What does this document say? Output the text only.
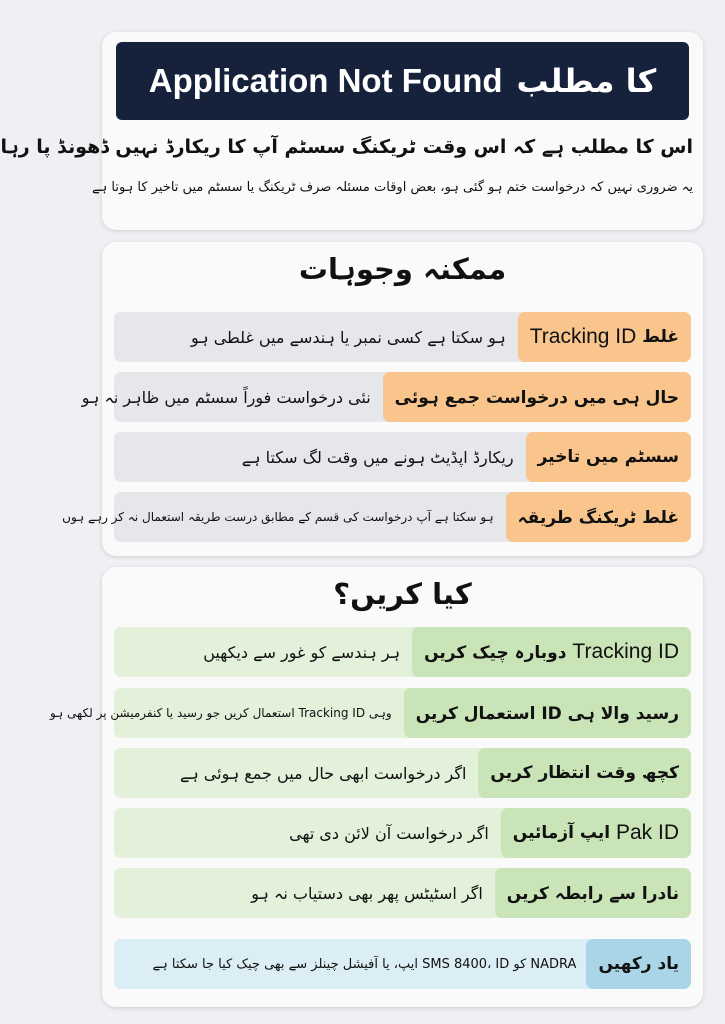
کا مطلب
Application Not Found
اس کا مطلب ہے کہ اس وقت ٹریکنگ سسٹم آپ کا ریکارڈ نہیں ڈھونڈ پا رہا
یہ ضروری نہیں کہ درخواست ختم ہو گئی ہو، بعض اوقات مسئلہ صرف ٹریکنگ یا سسٹم میں تاخیر کا ہوتا ہے
ممکنہ وجوہات
غلط

Tracking ID
ہو سکتا ہے کسی نمبر یا ہندسے میں غلطی ہو
حال ہی میں درخواست جمع ہوئی
نئی درخواست فوراً سسٹم میں ظاہر نہ ہو
سسٹم میں تاخیر
ریکارڈ اپڈیٹ ہونے میں وقت لگ سکتا ہے
غلط ٹریکنگ طریقہ
ہو سکتا ہے آپ درخواست کی قسم کے مطابق درست طریقہ استعمال نہ کر رہے ہوں
کیا کریں؟
Tracking ID

دوبارہ چیک کریں
ہر ہندسے کو غور سے دیکھیں
رسید والا ہی ID استعمال کریں
وہی Tracking ID استعمال کریں جو رسید یا کنفرمیشن پر لکھی ہو
کچھ وقت انتظار کریں
اگر درخواست ابھی حال میں جمع ہوئی ہے
Pak ID

ایپ آزمائیں
اگر درخواست آن لائن دی تھی
نادرا سے رابطہ کریں
اگر اسٹیٹس پھر بھی دستیاب نہ ہو
یاد رکھیں
NADRA کو SMS 8400، ID ایپ، یا آفیشل چینلز سے بھی چیک کیا جا سکتا ہے
